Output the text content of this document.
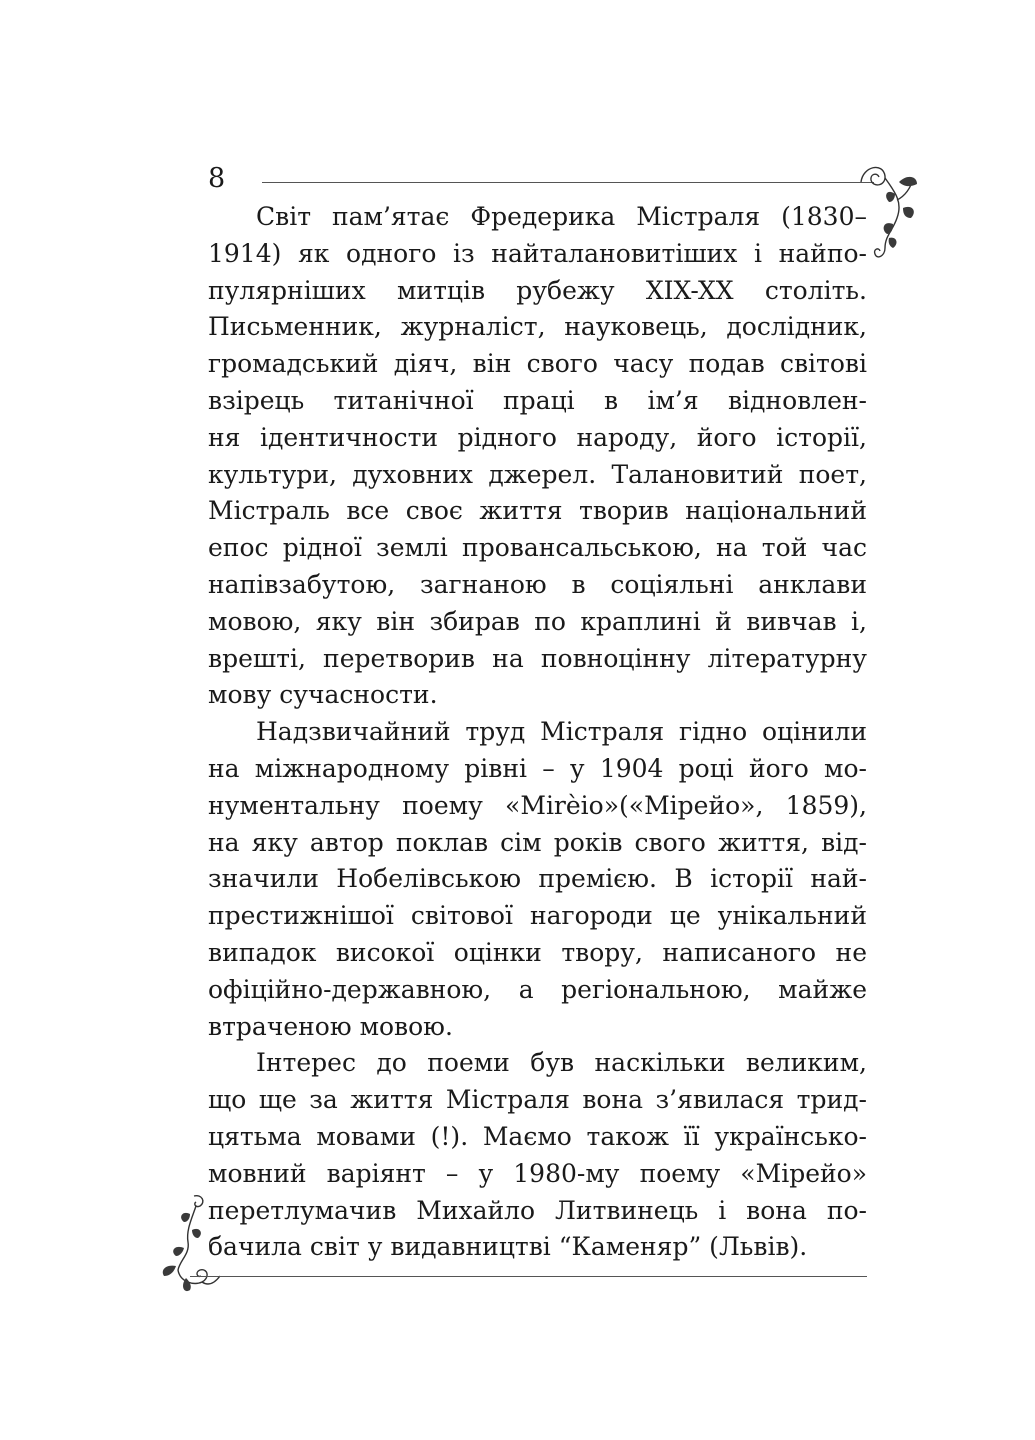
8

Світ пам’ятає Фредерика Містраля (1830–
1914) як одного із найталановитіших і найпо-
пулярніших митців рубежу XIX-XX століть.
Письменник, журналіст, науковець, дослідник,
громадський діяч, він свого часу подав світові
взірець титанічної праці в ім’я відновлен-
ня ідентичности рідного народу, його історії,
культури, духовних джерел. Талановитий поет,
Містраль все своє життя творив національний
епос рідної землі провансальською, на той час
напівзабутою, загнаною в соціяльні анклави
мовою, яку він збирав по краплині й вивчав і,
врешті, перетворив на повноцінну літературну
мову сучасности.

Надзвичайний труд Містраля гідно оцінили
на міжнародному рівні – у 1904 році його мо-
нументальну поему «Mirèio»(«Мірейо», 1859),
на яку автор поклав сім років свого життя, від-
значили Нобелівською премією. В історії най-
престижнішої світової нагороди це унікальний
випадок високої оцінки твору, написаного не
офіційно-державною, а регіональною, майже
втраченою мовою.

Інтерес до поеми був наскільки великим,
що ще за життя Містраля вона з’явилася трид-
цятьма мовами (!). Маємо також її українсько-
мовний варіянт – у 1980-му поему «Мірейо»
перетлумачив Михайло Литвинець і вона по-
бачила світ у видавництві “Каменяр” (Львів).
